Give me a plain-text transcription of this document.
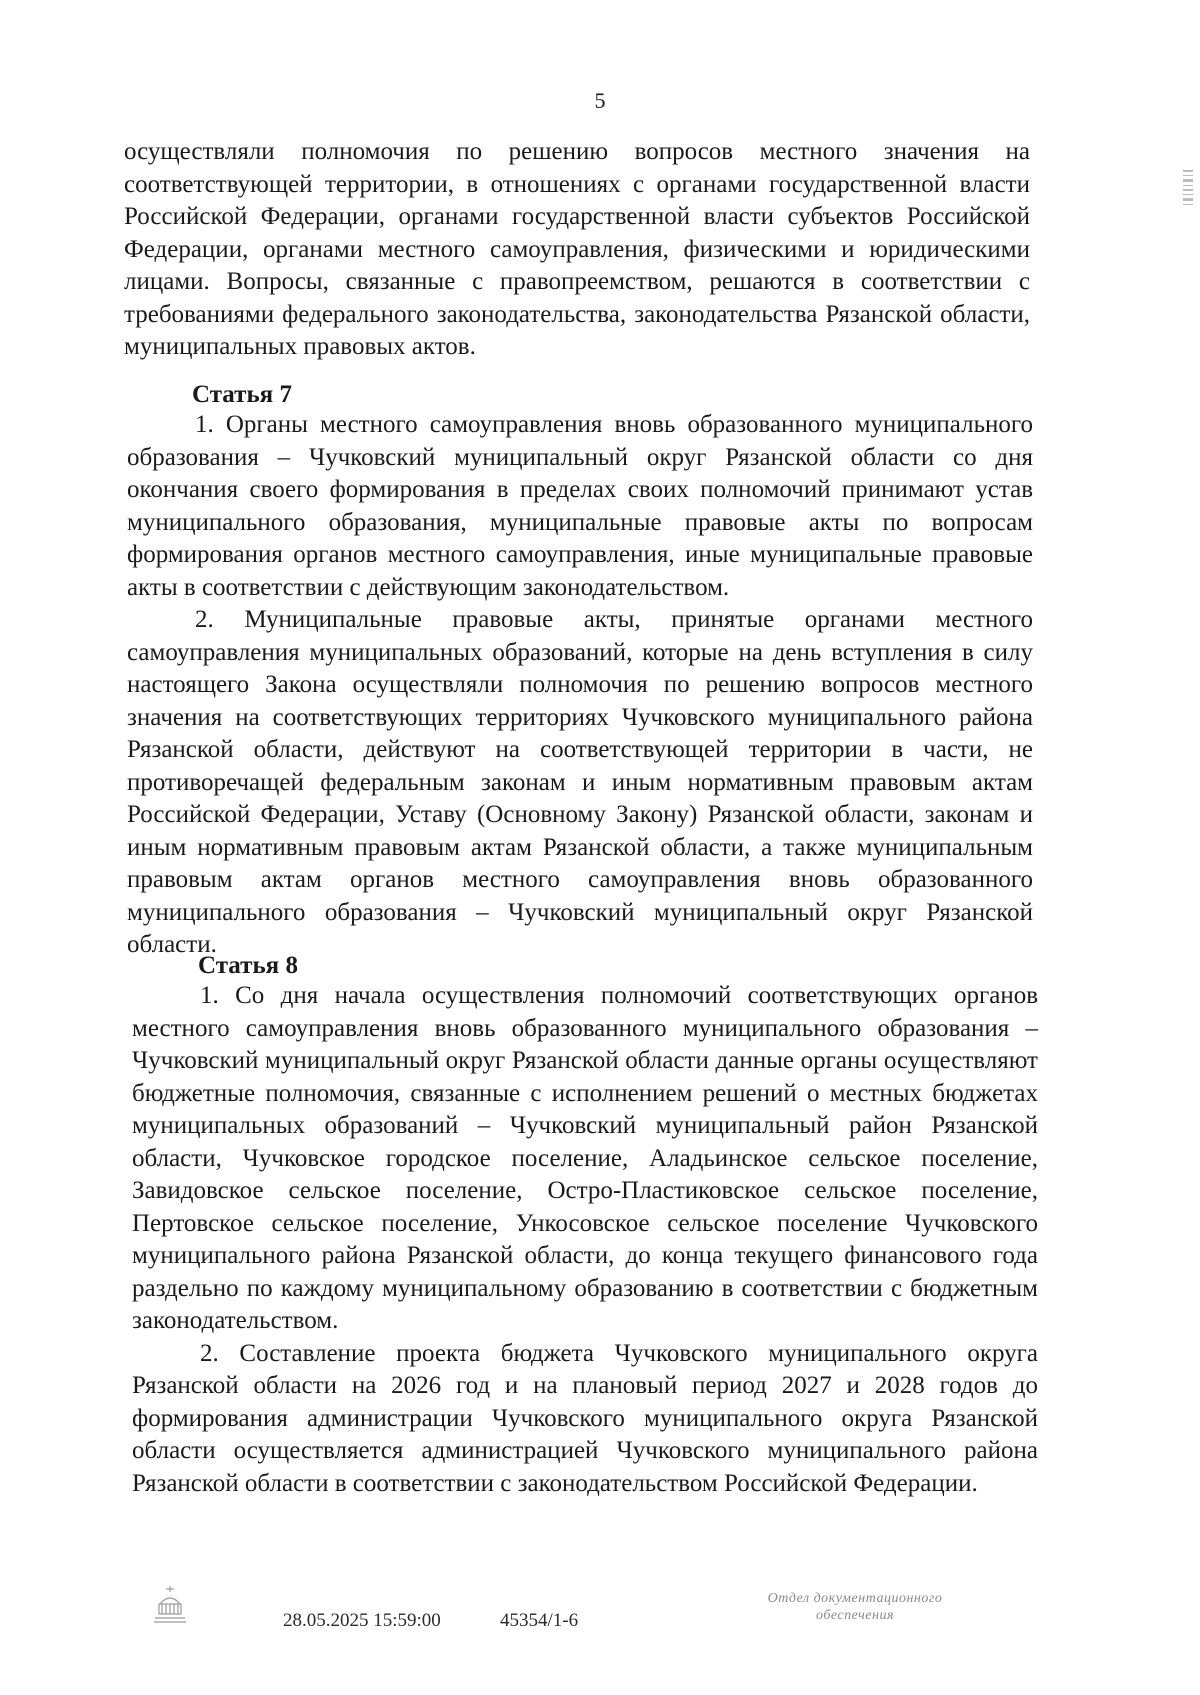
5

осуществляли полномочия по решению вопросов местного значения на соответствующей территории, в отношениях с органами государственной власти Российской Федерации, органами государственной власти субъектов Российской Федерации, органами местного самоуправления, физическими и юридическими лицами. Вопросы, связанные с правопреемством, решаются в соответствии с требованиями федерального законодательства, законодательства Рязанской области, муниципальных правовых актов.

Статья 7

1. Органы местного самоуправления вновь образованного муниципального образования – Чучковский муниципальный округ Рязанской области со дня окончания своего формирования в пределах своих полномочий принимают устав муниципального образования, муниципальные правовые акты по вопросам формирования органов местного самоуправления, иные муниципальные правовые акты в соответствии с действующим законодательством.

2. Муниципальные правовые акты, принятые органами местного самоуправления муниципальных образований, которые на день вступления в силу настоящего Закона осуществляли полномочия по решению вопросов местного значения на соответствующих территориях Чучковского муниципального района Рязанской области, действуют на соответствующей территории в части, не противоречащей федеральным законам и иным нормативным правовым актам Российской Федерации, Уставу (Основному Закону) Рязанской области, законам и иным нормативным правовым актам Рязанской области, а также муниципальным правовым актам органов местного самоуправления вновь образованного муниципального образования – Чучковский муниципальный округ Рязанской области.

Статья 8

1. Со дня начала осуществления полномочий соответствующих органов местного самоуправления вновь образованного муниципального образования – Чучковский муниципальный округ Рязанской области данные органы осуществляют бюджетные полномочия, связанные с исполнением решений о местных бюджетах муниципальных образований – Чучковский муниципальный район Рязанской области, Чучковское городское поселение, Аладьинское сельское поселение, Завидовское сельское поселение, Остро-Пластиковское сельское поселение, Пертовское сельское поселение, Ункосовское сельское поселение Чучковского муниципального района Рязанской области, до конца текущего финансового года раздельно по каждому муниципальному образованию в соответствии с бюджетным законодательством.

2. Составление проекта бюджета Чучковского муниципального округа Рязанской области на 2026 год и на плановый период 2027 и 2028 годов до формирования администрации Чучковского муниципального округа Рязанской области осуществляется администрацией Чучковского муниципального района Рязанской области в соответствии с законодательством Российской Федерации.

28.05.2025 15:59:00	45354/1-6
Отдел документационного
обеспечения
